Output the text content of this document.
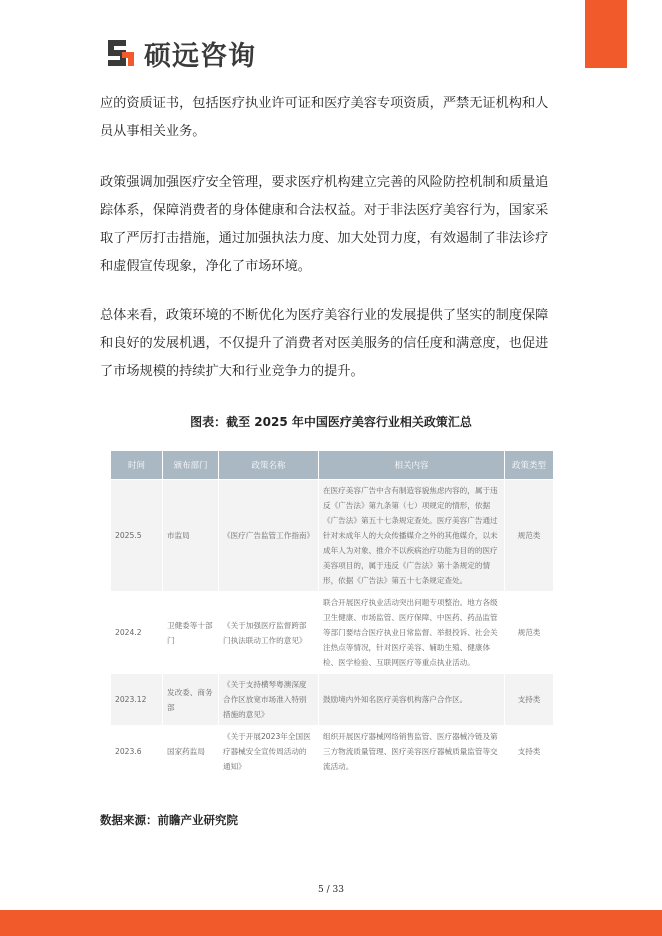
硕远咨询
应的资质证书，包括医疗执业许可证和医疗美容专项资质，严禁无证机构和人员从事相关业务。
政策强调加强医疗安全管理，要求医疗机构建立完善的风险防控机制和质量追踪体系，保障消费者的身体健康和合法权益。对于非法医疗美容行为，国家采取了严厉打击措施，通过加强执法力度、加大处罚力度，有效遏制了非法诊疗和虚假宣传现象，净化了市场环境。
总体来看，政策环境的不断优化为医疗美容行业的发展提供了坚实的制度保障和良好的发展机遇，不仅提升了消费者对医美服务的信任度和满意度，也促进了市场规模的持续扩大和行业竞争力的提升。
图表：截至 2025 年中国医疗美容行业相关政策汇总
时间	颁布部门	政策名称	相关内容	政策类型
2025.5	市监局	《医疗广告监管工作指南》	在医疗美容广告中含有制造容貌焦虑内容的，属于违反《广告法》第九条第（七）项规定的情形，依据《广告法》第五十七条规定查处。医疗美容广告通过针对未成年人的大众传播媒介之外的其他媒介，以未成年人为对象、推介不以疾病治疗功能为目的的医疗美容项目的，属于违反《广告法》第十条规定的情形，依据《广告法》第五十七条规定查处。	规范类
2024.2	卫健委等十部门	《关于加强医疗监督跨部门执法联动工作的意见》	联合开展医疗执业活动突出问题专项整治。地方各级卫生健康、市场监管、医疗保障、中医药、药品监管等部门要结合医疗执业日常监督、举报投诉、社会关注热点等情况，针对医疗美容、辅助生殖、健康体检、医学检验、互联网医疗等重点执业活动。	规范类
2023.12	发改委、商务部	《关于支持横琴粤澳深度合作区放宽市场准入特别措施的意见》	鼓励境内外知名医疗美容机构落户合作区。	支持类
2023.6	国家药监局	《关于开展2023年全国医疗器械安全宣传周活动的通知》	组织开展医疗器械网络销售监管、医疗器械冷链及第三方物流质量管理、医疗美容医疗器械质量监管等交流活动。	支持类
数据来源：前瞻产业研究院
5 / 33
